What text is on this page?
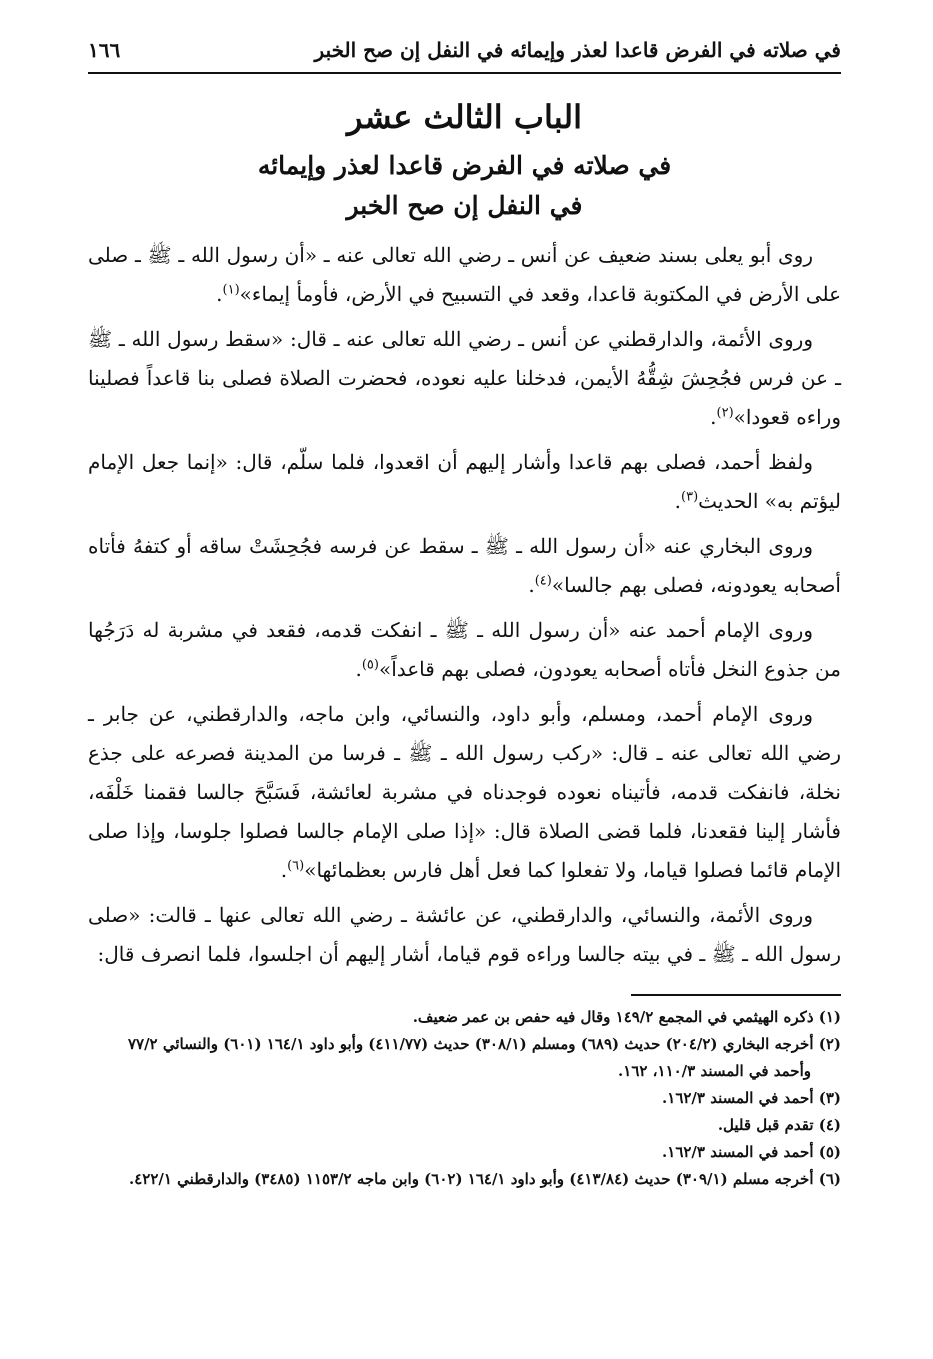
في صلاته في الفرض قاعدا لعذر وإيمائه في النفل إن صح الخبر
١٦٦
الباب الثالث عشر
في صلاته في الفرض قاعدا لعذر وإيمائه
في النفل إن صح الخبر

روى أبو يعلى بسند ضعيف عن أنس ـ رضي الله تعالى عنه ـ «أن رسول الله ـ ﷺ ـ صلى على الأرض في المكتوبة قاعدا، وقعد في التسبيح في الأرض، فأومأ إيماء»$^{(١)}$.

وروى الأئمة، والدارقطني عن أنس ـ رضي الله تعالى عنه ـ قال: «سقط رسول الله ـ ﷺ ـ عن فرس فجُحِشَ شِقُّهُ الأيمن، فدخلنا عليه نعوده، فحضرت الصلاة فصلى بنا قاعداً فصلينا وراءه قعودا»$^{(٢)}$.

ولفظ أحمد، فصلى بهم قاعدا وأشار إليهم أن اقعدوا، فلما سلّم، قال: «إنما جعل الإمام ليؤتم به» الحديث$^{(٣)}$.

وروى البخاري عنه «أن رسول الله ـ ﷺ ـ سقط عن فرسه فجُحِشَتْ ساقه أو كتفهُ فأتاه أصحابه يعودونه، فصلى بهم جالسا»$^{(٤)}$.

وروى الإمام أحمد عنه «أن رسول الله ـ ﷺ ـ انفكت قدمه، فقعد في مشربة له دَرَجُها من جذوع النخل فأتاه أصحابه يعودون، فصلى بهم قاعداً»$^{(٥)}$.

وروى الإمام أحمد، ومسلم، وأبو داود، والنسائي، وابن ماجه، والدارقطني، عن جابر ـ رضي الله تعالى عنه ـ قال: «ركب رسول الله ـ ﷺ ـ فرسا من المدينة فصرعه على جذع نخلة، فانفكت قدمه، فأتيناه نعوده فوجدناه في مشربة لعائشة، فَسَبَّحَ جالسا فقمنا خَلْفَه، فأشار إلينا فقعدنا، فلما قضى الصلاة قال: «إذا صلى الإمام جالسا فصلوا جلوسا، وإذا صلى الإمام قائما فصلوا قياما، ولا تفعلوا كما فعل أهل فارس بعظمائها»$^{(٦)}$.

وروى الأئمة، والنسائي، والدارقطني، عن عائشة ـ رضي الله تعالى عنها ـ قالت: «صلى رسول الله ـ ﷺ ـ في بيته جالسا وراءه قوم قياما، أشار إليهم أن اجلسوا، فلما انصرف قال:

(١) ذكره الهيثمي في المجمع ١٤٩/٢ وقال فيه حفص بن عمر ضعيف.

(٢) أخرجه البخاري (٢٠٤/٢) حديث (٦٨٩) ومسلم (٣٠٨/١) حديث (٤١١/٧٧) وأبو داود ١٦٤/١ (٦٠١) والنسائي ٧٧/٢ وأحمد في المسند ١١٠/٣، ١٦٢.

(٣) أحمد في المسند ١٦٢/٣.

(٤) تقدم قبل قليل.

(٥) أحمد في المسند ١٦٢/٣.

(٦) أخرجه مسلم (٣٠٩/١) حديث (٤١٣/٨٤) وأبو داود ١٦٤/١ (٦٠٢) وابن ماجه ١١٥٣/٢ (٣٤٨٥) والدارقطني ٤٢٢/١.
